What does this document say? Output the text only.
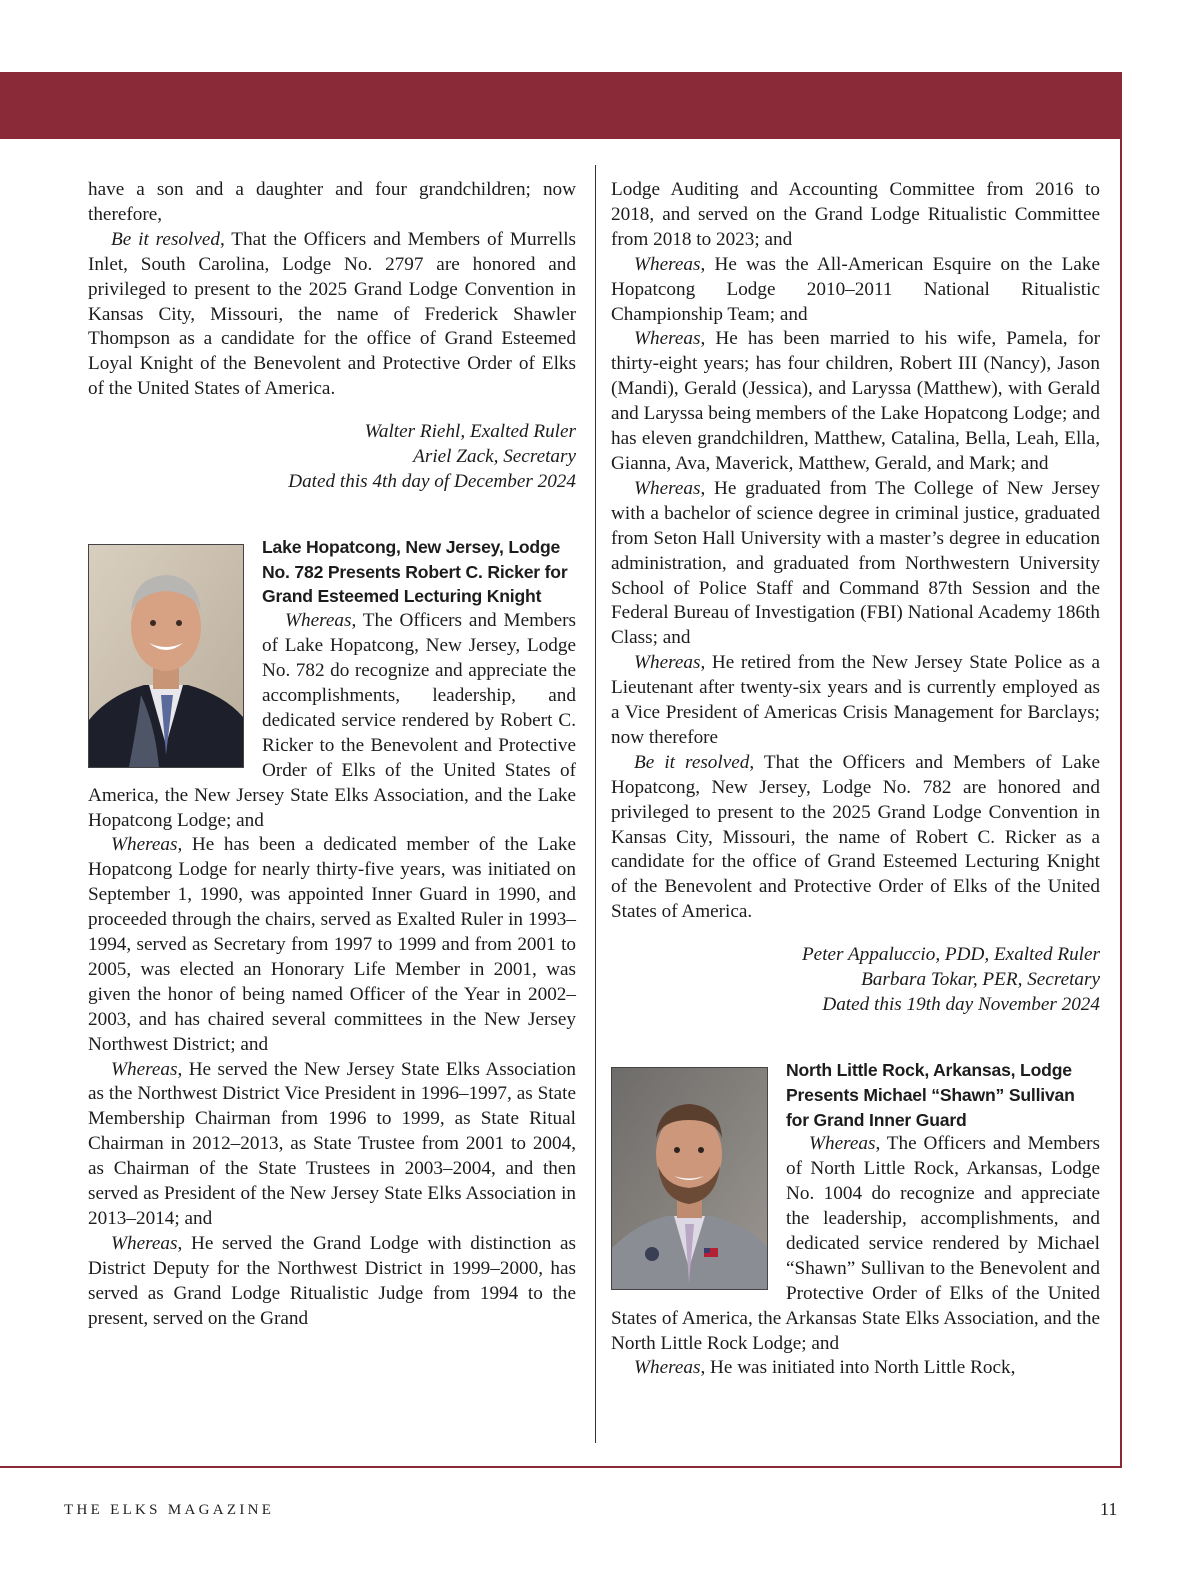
have a son and a daughter and four grandchildren; now therefore,

Be it resolved, That the Officers and Members of Murrells Inlet, South Carolina, Lodge No. 2797 are honored and privileged to present to the 2025 Grand Lodge Convention in Kansas City, Missouri, the name of Frederick Shawler Thompson as a candidate for the office of Grand Esteemed Loyal Knight of the Benevolent and Protective Order of Elks of the United States of America.

Walter Riehl, Exalted Ruler

Ariel Zack, Secretary

Dated this 4th day of December 2024

Lake Hopatcong, New Jersey, Lodge No. 782 Presents Robert C. Ricker for Grand Esteemed Lecturing Knight

Whereas, The Officers and Members of Lake Hopatcong, New Jersey, Lodge No. 782 do recognize and appreciate the accomplishments, leadership, and dedicated service rendered by Robert C. Ricker to the Benevolent and Protective Order of Elks of the United States of America, the New Jersey State Elks Association, and the Lake Hopatcong Lodge; and

Whereas, He has been a dedicated member of the Lake Hopatcong Lodge for nearly thirty-five years, was initiated on September 1, 1990, was appointed Inner Guard in 1990, and proceeded through the chairs, served as Exalted Ruler in 1993–1994, served as Secretary from 1997 to 1999 and from 2001 to 2005, was elected an Honorary Life Member in 2001, was given the honor of being named Officer of the Year in 2002–2003, and has chaired several committees in the New Jersey Northwest District; and

Whereas, He served the New Jersey State Elks Association as the Northwest District Vice President in 1996–1997, as State Membership Chairman from 1996 to 1999, as State Ritual Chairman in 2012–2013, as State Trustee from 2001 to 2004, as Chairman of the State Trustees in 2003–2004, and then served as President of the New Jersey State Elks Association in 2013–2014; and

Whereas, He served the Grand Lodge with distinction as District Deputy for the Northwest District in 1999–2000, has served as Grand Lodge Ritualistic Judge from 1994 to the present, served on the Grand

Lodge Auditing and Accounting Committee from 2016 to 2018, and served on the Grand Lodge Ritualistic Committee from 2018 to 2023; and

Whereas, He was the All-American Esquire on the Lake Hopatcong Lodge 2010–2011 National Ritualistic Championship Team; and

Whereas, He has been married to his wife, Pamela, for thirty-eight years; has four children, Robert III (Nancy), Jason (Mandi), Gerald (Jessica), and Laryssa (Matthew), with Gerald and Laryssa being members of the Lake Hopatcong Lodge; and has eleven grandchildren, Matthew, Catalina, Bella, Leah, Ella, Gianna, Ava, Maverick, Matthew, Gerald, and Mark; and

Whereas, He graduated from The College of New Jersey with a bachelor of science degree in criminal justice, graduated from Seton Hall University with a master’s degree in education administration, and graduated from Northwestern University School of Police Staff and Command 87th Session and the Federal Bureau of Investigation (FBI) National Academy 186th Class; and

Whereas, He retired from the New Jersey State Police as a Lieutenant after twenty-six years and is currently employed as a Vice President of Americas Crisis Management for Barclays; now therefore

Be it resolved, That the Officers and Members of Lake Hopatcong, New Jersey, Lodge No. 782 are honored and privileged to present to the 2025 Grand Lodge Convention in Kansas City, Missouri, the name of Robert C. Ricker as a candidate for the office of Grand Esteemed Lecturing Knight of the Benevolent and Protective Order of Elks of the United States of America.

Peter Appaluccio, PDD, Exalted Ruler

Barbara Tokar, PER, Secretary

Dated this 19th day November 2024

North Little Rock, Arkansas, Lodge Presents Michael “Shawn” Sullivan for Grand Inner Guard

Whereas, The Officers and Members of North Little Rock, Arkansas, Lodge No. 1004 do recognize and appreciate the leadership, accomplishments, and dedicated service rendered by Michael “Shawn” Sullivan to the Benevolent and Protective Order of Elks of the United States of America, the Arkansas State Elks Association, and the North Little Rock Lodge; and

Whereas, He was initiated into North Little Rock,

THE ELKS MAGAZINE	11
